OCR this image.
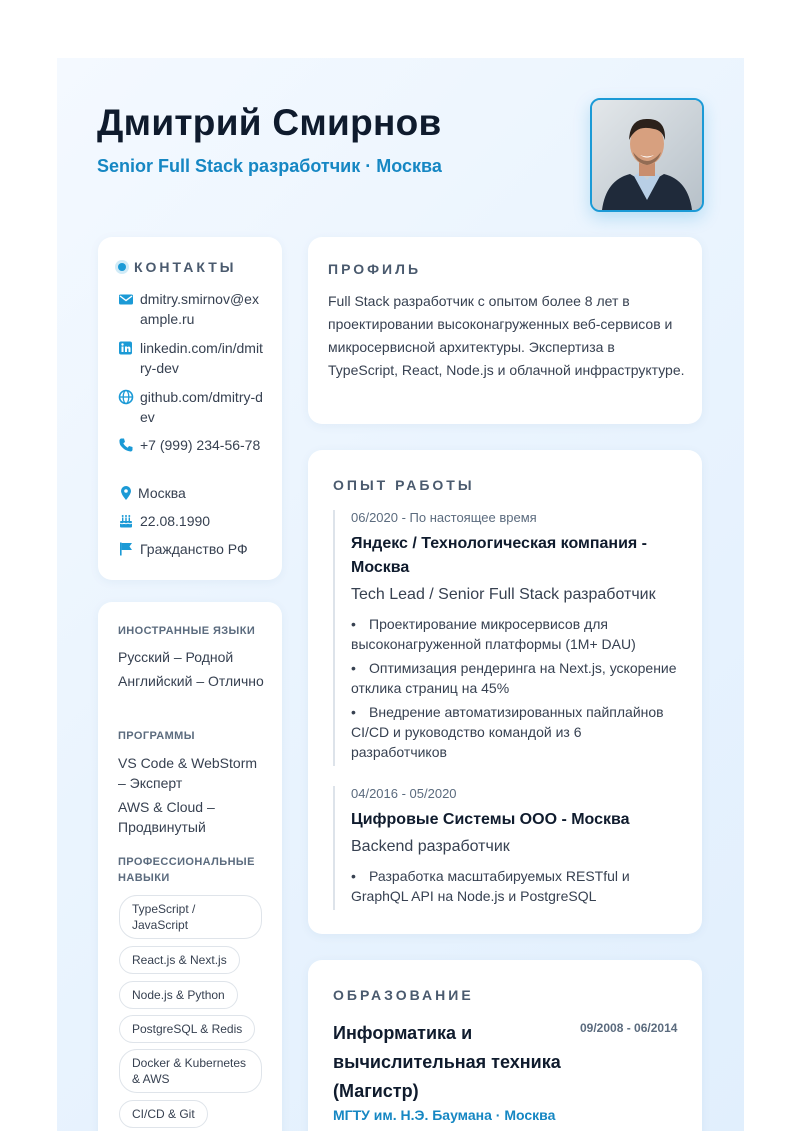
Дмитрий Смирнов
Senior Full Stack разработчик · Москва
КОНТАКТЫ
dmitry.smirnov@example.ru
linkedin.com/in/dmitry-dev
github.com/dmitry-dev
+7 (999) 234-56-78
Москва
22.08.1990
Гражданство РФ
ИНОСТРАННЫЕ ЯЗЫКИ
Русский – Родной
Английский – Отлично
ПРОГРАММЫ
VS Code & WebStorm – Эксперт
AWS & Cloud – Продвинутый
ПРОФЕССИОНАЛЬНЫЕ НАВЫКИ
TypeScript / JavaScript
React.js & Next.js
Node.js & Python
PostgreSQL & Redis
Docker & Kubernetes & AWS
CI/CD & Git
ПРОФИЛЬ
Full Stack разработчик с опытом более 8 лет в проектировании высоконагруженных веб-сервисов и микросервисной архитектуры. Экспертиза в TypeScript, React, Node.js и облачной инфраструктуре.
ОПЫТ РАБОТЫ
06/2020 - По настоящее время
Яндекс / Технологическая компания - Москва
Tech Lead / Senior Full Stack разработчик
• Проектирование микросервисов для высоконагруженной платформы (1M+ DAU)
• Оптимизация рендеринга на Next.js, ускорение отклика страниц на 45%
• Внедрение автоматизированных пайплайнов CI/CD и руководство командой из 6 разработчиков
04/2016 - 05/2020
Цифровые Системы ООО - Москва
Backend разработчик
• Разработка масштабируемых RESTful и GraphQL API на Node.js и PostgreSQL
ОБРАЗОВАНИЕ
Информатика и вычислительная техника (Магистр)
09/2008 - 06/2014
МГТУ им. Н.Э. Баумана · Москва
